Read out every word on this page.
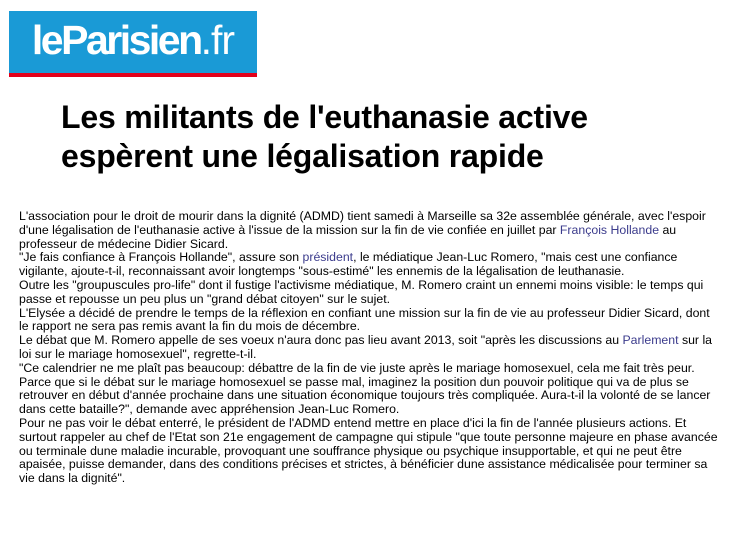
leParisien.fr
Les militants de l'euthanasie active
espèrent une légalisation rapide

L'association pour le droit de mourir dans la dignité (ADMD) tient samedi à Marseille sa 32e assemblée générale, avec l'espoir d'une légalisation de l'euthanasie active à l'issue de la mission sur la fin de vie confiée en juillet par François Hollande au professeur de médecine Didier Sicard.

"Je fais confiance à François Hollande", assure son président, le médiatique Jean-Luc Romero, "mais cest une confiance vigilante, ajoute-t-il, reconnaissant avoir longtemps "sous-estimé" les ennemis de la légalisation de leuthanasie.

Outre les "groupuscules pro-life" dont il fustige l'activisme médiatique, M. Romero craint un ennemi moins visible: le temps qui passe et repousse un peu plus un "grand débat citoyen" sur le sujet.

L'Elysée a décidé de prendre le temps de la réflexion en confiant une mission sur la fin de vie au professeur Didier Sicard, dont le rapport ne sera pas remis avant la fin du mois de décembre.

Le débat que M. Romero appelle de ses voeux n'aura donc pas lieu avant 2013, soit "après les discussions au Parlement sur la loi sur le mariage homosexuel", regrette-t-il.

"Ce calendrier ne me plaît pas beaucoup: débattre de la fin de vie juste après le mariage homosexuel, cela me fait très peur. Parce que si le débat sur le mariage homosexuel se passe mal, imaginez la position dun pouvoir politique qui va de plus se retrouver en début d'année prochaine dans une situation économique toujours très compliquée. Aura-t-il la volonté de se lancer dans cette bataille?", demande avec appréhension Jean-Luc Romero.

Pour ne pas voir le débat enterré, le président de l'ADMD entend mettre en place d'ici la fin de l'année plusieurs actions. Et surtout rappeler au chef de l'Etat son 21e engagement de campagne qui stipule "que toute personne majeure en phase avancée ou terminale dune maladie incurable, provoquant une souffrance physique ou psychique insupportable, et qui ne peut être apaisée, puisse demander, dans des conditions précises et strictes, à bénéficier dune assistance médicalisée pour terminer sa vie dans la dignité".
